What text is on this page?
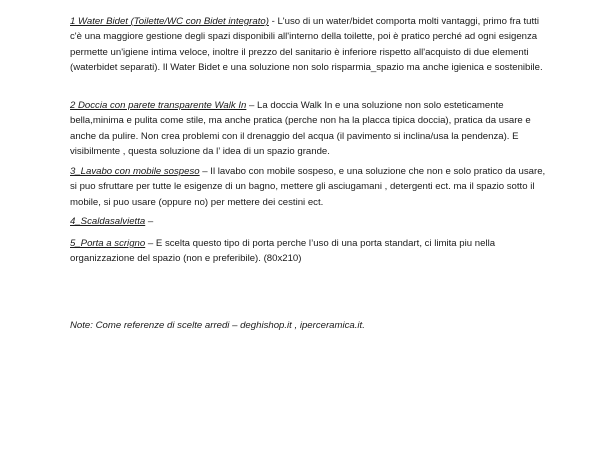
1 Water Bidet (Toilette/WC con Bidet integrato) - L'uso di un water/bidet comporta molti vantaggi, primo fra tutti c'è una maggiore gestione degli spazi disponibili all'interno della toilette, poi è pratico perché ad ogni esigenza permette un'igiene intima veloce, inoltre il prezzo del sanitario è inferiore rispetto all'acquisto di due elementi (waterbidet separati). Il Water Bidet e una soluzione non solo risparmia_spazio ma anche igienica e sostenibile.

2 Doccia con parete transparente Walk In – La doccia Walk In e una soluzione non solo esteticamente bella,minima e pulita come stile, ma anche pratica (perche non ha la placca tipica doccia), pratica da usare e anche da pulire. Non crea problemi con il drenaggio del acqua (il pavimento si inclina/usa la pendenza). E visibilmente , questa soluzione da l’ idea di un spazio grande.

3_Lavabo con mobile sospeso – Il lavabo con mobile sospeso, e una soluzione che non e solo pratico da usare, si puo sfruttare per tutte le esigenze di un bagno, mettere gli asciugamani , detergenti ect. ma il spazio sotto il mobile, si puo usare (oppure no) per mettere dei cestini ect.

4_Scaldasalvietta –

5_Porta a scrigno – E scelta questo tipo di porta perche l’uso di una porta standart, ci limita piu nella organizzazione del spazio (non e preferibile). (80x210)

Note: Come referenze di scelte arredi – deghishop.it , iperceramica.it.
